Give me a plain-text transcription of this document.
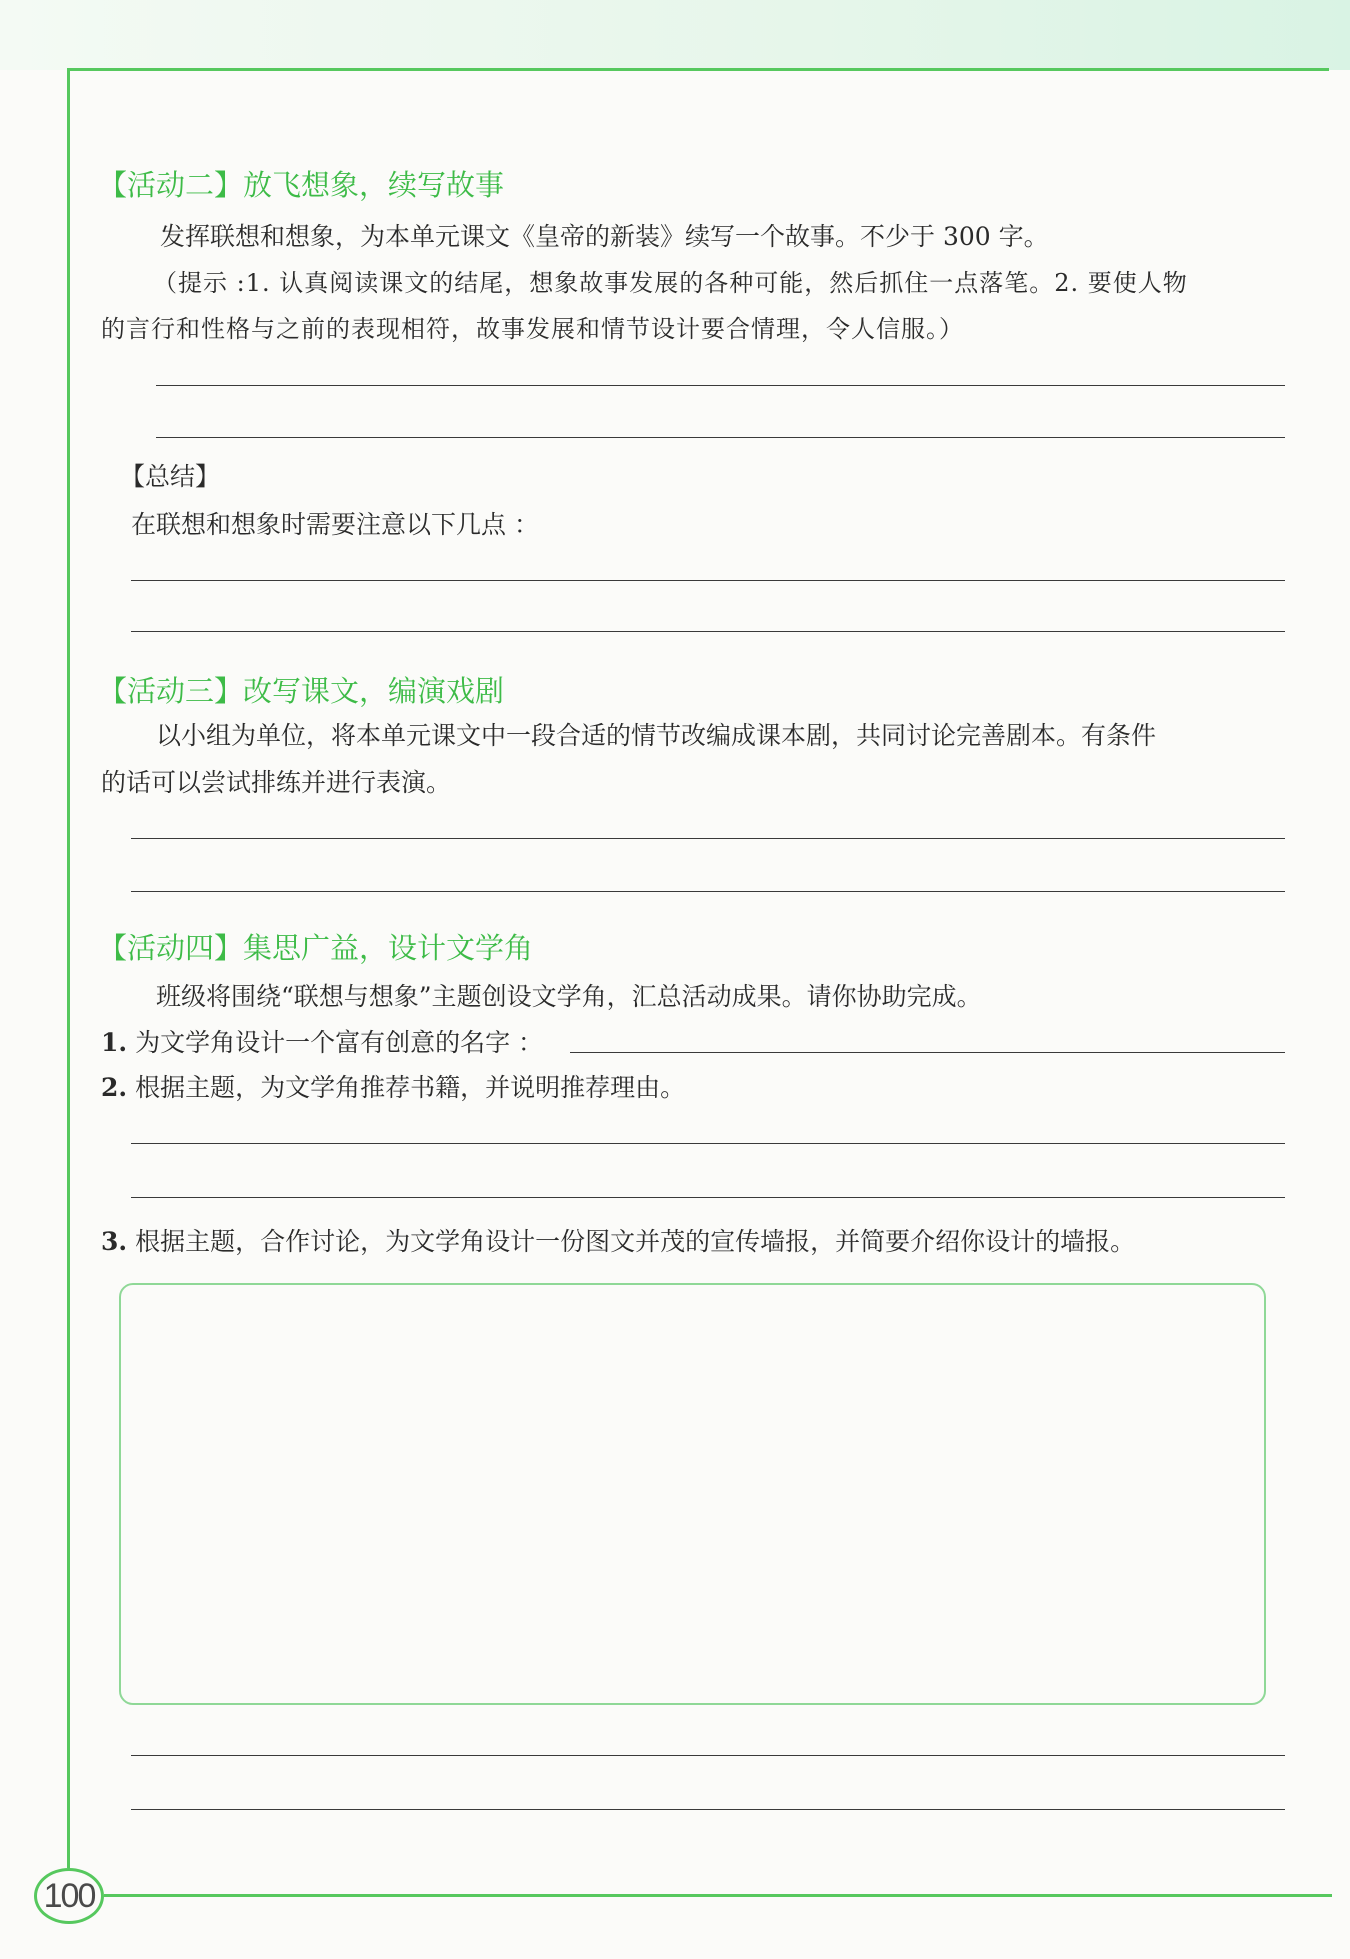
100
【活动二】放飞想象，续写故事
发挥联想和想象，为本单元课文《皇帝的新装》续写一个故事。不少于 300 字。
（提示 :1. 认真阅读课文的结尾，想象故事发展的各种可能，然后抓住一点落笔。2. 要使人物
的言行和性格与之前的表现相符，故事发展和情节设计要合情理，令人信服。）
【总结】
在联想和想象时需要注意以下几点 ：
【活动三】改写课文，编演戏剧
以小组为单位，将本单元课文中一段合适的情节改编成课本剧，共同讨论完善剧本。有条件
的话可以尝试排练并进行表演。
【活动四】集思广益，设计文学角
班级将围绕“联想与想象”主题创设文学角，汇总活动成果。请你协助完成。
1. 为文学角设计一个富有创意的名字 ：
2. 根据主题，为文学角推荐书籍，并说明推荐理由。
3. 根据主题，合作讨论，为文学角设计一份图文并茂的宣传墙报，并简要介绍你设计的墙报。
